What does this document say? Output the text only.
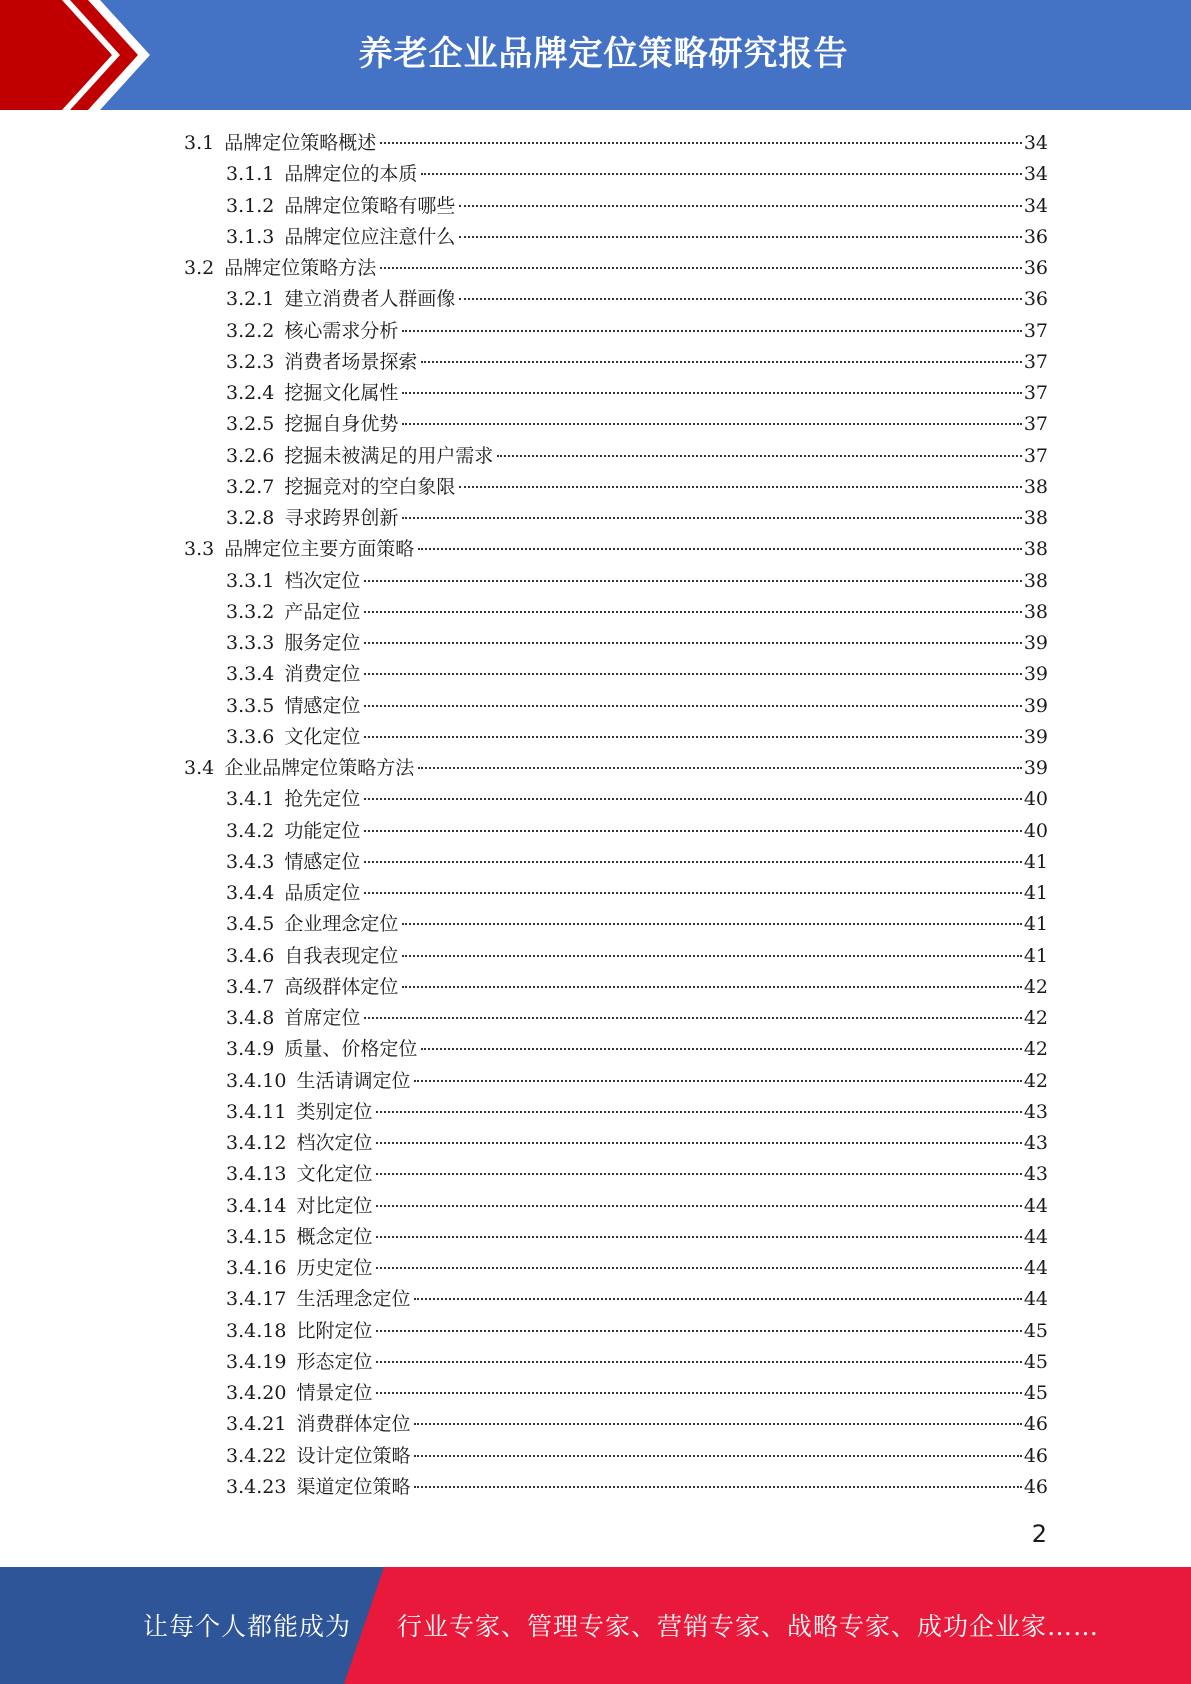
养老企业品牌定位策略研究报告
3.1 品牌定位策略概述	34
3.1.1 品牌定位的本质	34
3.1.2 品牌定位策略有哪些	34
3.1.3 品牌定位应注意什么	36
3.2 品牌定位策略方法	36
3.2.1 建立消费者人群画像	36
3.2.2 核心需求分析	37
3.2.3 消费者场景探索	37
3.2.4 挖掘文化属性	37
3.2.5 挖掘自身优势	37
3.2.6 挖掘未被满足的用户需求	37
3.2.7 挖掘竞对的空白象限	38
3.2.8 寻求跨界创新	38
3.3 品牌定位主要方面策略	38
3.3.1 档次定位	38
3.3.2 产品定位	38
3.3.3 服务定位	39
3.3.4 消费定位	39
3.3.5 情感定位	39
3.3.6 文化定位	39
3.4 企业品牌定位策略方法	39
3.4.1 抢先定位	40
3.4.2 功能定位	40
3.4.3 情感定位	41
3.4.4 品质定位	41
3.4.5 企业理念定位	41
3.4.6 自我表现定位	41
3.4.7 高级群体定位	42
3.4.8 首席定位	42
3.4.9 质量、价格定位	42
3.4.10 生活请调定位	42
3.4.11 类别定位	43
3.4.12 档次定位	43
3.4.13 文化定位	43
3.4.14 对比定位	44
3.4.15 概念定位	44
3.4.16 历史定位	44
3.4.17 生活理念定位	44
3.4.18 比附定位	45
3.4.19 形态定位	45
3.4.20 情景定位	45
3.4.21 消费群体定位	46
3.4.22 设计定位策略	46
3.4.23 渠道定位策略	46
2
让每个人都能成为 行业专家、管理专家、营销专家、战略专家、成功企业家……
